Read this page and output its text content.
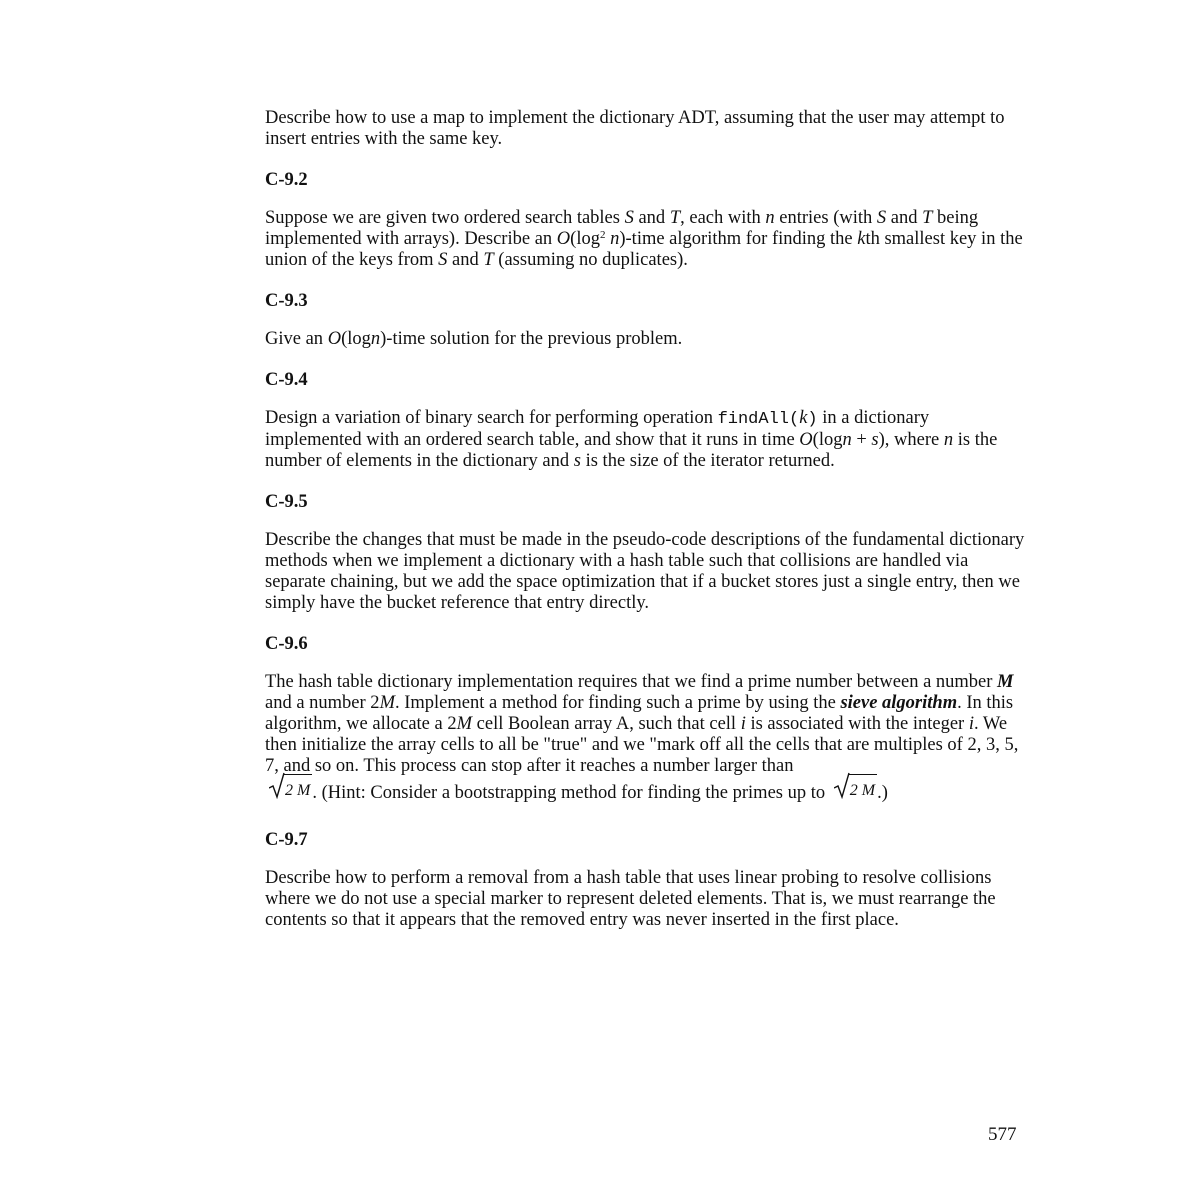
Describe how to use a map to implement the dictionary ADT, assuming that the user may attempt to insert entries with the same key.

C-9.2

Suppose we are given two ordered search tables S and T, each with n entries (with S and T being implemented with arrays). Describe an $O(\log^2$ n)-time algorithm for finding the kth smallest key in the union of the keys from S and T (assuming no duplicates).

C-9.3

Give an O(logn)-time solution for the previous problem.

C-9.4

Design a variation of binary search for performing operation findAll(k) in a dictionary implemented with an ordered search table, and show that it runs in time O(logn + s), where n is the number of elements in the dictionary and s is the size of the iterator returned.

C-9.5

Describe the changes that must be made in the pseudo-code descriptions of the fundamental dictionary methods when we implement a dictionary with a hash table such that collisions are handled via separate chaining, but we add the space optimization that if a bucket stores just a single entry, then we simply have the bucket reference that entry directly.

C-9.6

The hash table dictionary implementation requires that we find a prime number between a number M and a number 2M. Implement a method for finding such a prime by using the sieve algorithm. In this algorithm, we allocate a 2M cell Boolean array A, such that cell i is associated with the integer i. We then initialize the array cells to all be "true" and we "mark off all the cells that are multiples of 2, 3, 5, 7, and so on. This process can stop after it reaches a number larger than

2 M . (Hint: Consider a bootstrapping method for finding the primes up to
2 M .)

C-9.7

Describe how to perform a removal from a hash table that uses linear probing to resolve collisions where we do not use a special marker to represent deleted elements. That is, we must rearrange the contents so that it appears that the removed entry was never inserted in the first place.

577
